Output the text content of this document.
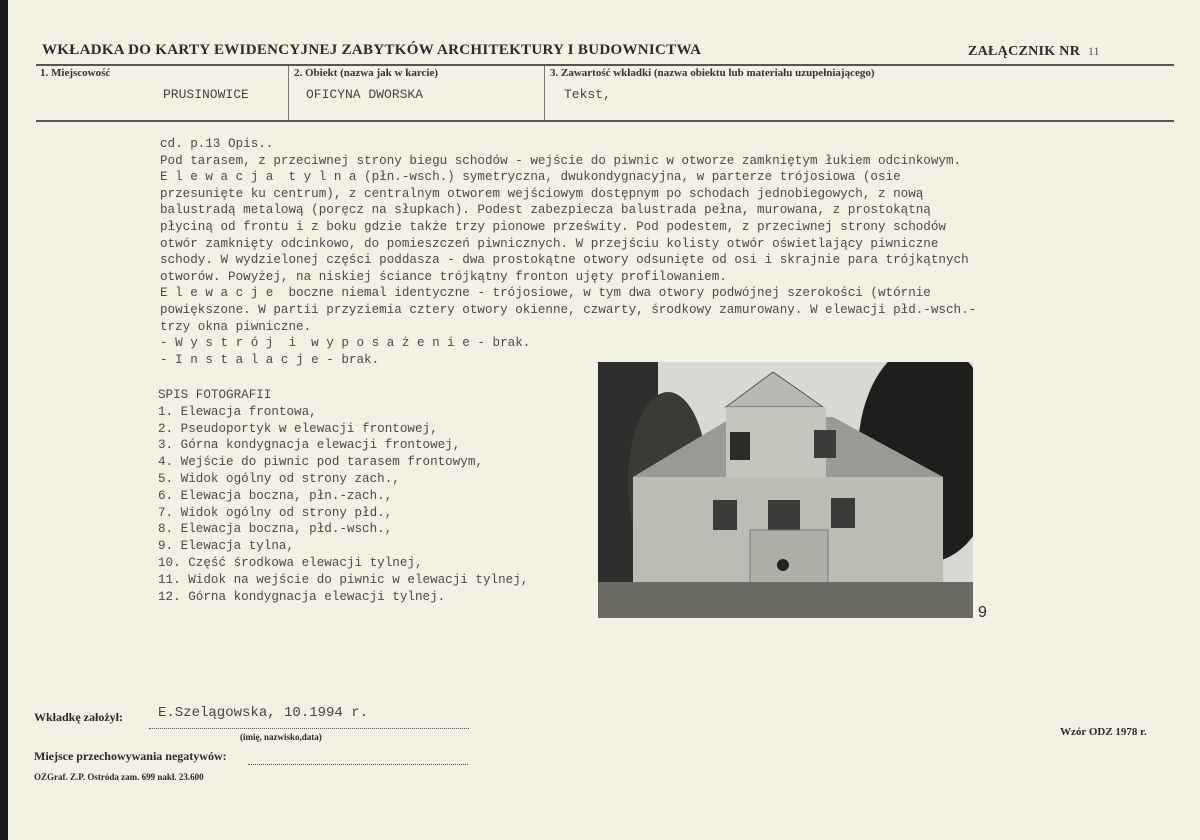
WKŁADKA DO KARTY EWIDENCYJNEJ ZABYTKÓW ARCHITEKTURY I BUDOWNICTWA	ZAŁĄCZNIK NR 11
1. Miejscowość
PRUSINOWICE
2. Obiekt (nazwa jak w karcie)
OFICYNA DWORSKA
3. Zawartość wkładki (nazwa obiektu lub materiału uzupełniającego)
Tekst,
cd. p.13 Opis..
Pod tarasem, z przeciwnej strony biegu schodów - wejście do piwnic w otworze zamkniętym łukiem odcinkowym.
E l e w a c j a  t y l n a (płn.-wsch.) symetryczna, dwukondygnacyjna, w parterze trójosiowa (osie
przesunięte ku centrum), z centralnym otworem wejściowym dostępnym po schodach jednobiegowych, z nową
balustradą metalową (poręcz na słupkach). Podest zabezpiecza balustrada pełna, murowana, z prostokątną
płyciną od frontu i z boku gdzie także trzy pionowe prześwity. Pod podestem, z przeciwnej strony schodów
otwór zamknięty odcinkowo, do pomieszczeń piwnicznych. W przejściu kolisty otwór oświetlający piwniczne
schody. W wydzielonej części poddasza - dwa prostokątne otwory odsunięte od osi i skrajnie para trójkątnych
otworów. Powyżej, na niskiej ściance trójkątny fronton ujęty profilowaniem.
E l e w a c j e  boczne niemal identyczne - trójosiowe, w tym dwa otwory podwójnej szerokości (wtórnie
powiększone. W partii przyziemia cztery otwory okienne, czwarty, środkowy zamurowany. W elewacji płd.-wsch.-
trzy okna piwniczne.
- W y s t r ó j  i  w y p o s a ż e n i e - brak.
- I n s t a l a c j e - brak.
SPIS FOTOGRAFII
1. Elewacja frontowa,
2. Pseudoportyk w elewacji frontowej,
3. Górna kondygnacja elewacji frontowej,
4. Wejście do piwnic pod tarasem frontowym,
5. Widok ogólny od strony zach.,
6. Elewacja boczna, płn.-zach.,
7. Widok ogólny od strony płd.,
8. Elewacja boczna, płd.-wsch.,
9. Elewacja tylna,
10. Część środkowa elewacji tylnej,
11. Widok na wejście do piwnic w elewacji tylnej,
12. Górna kondygnacja elewacji tylnej.
9
Wkładkę założył:	E.Szelągowska, 10.1994 r.
(imię, nazwisko,data)
Miejsce przechowywania negatywów:
OZGraf. Z.P. Ostróda zam. 699 nakł. 23.600
Wzór ODZ 1978 r.
